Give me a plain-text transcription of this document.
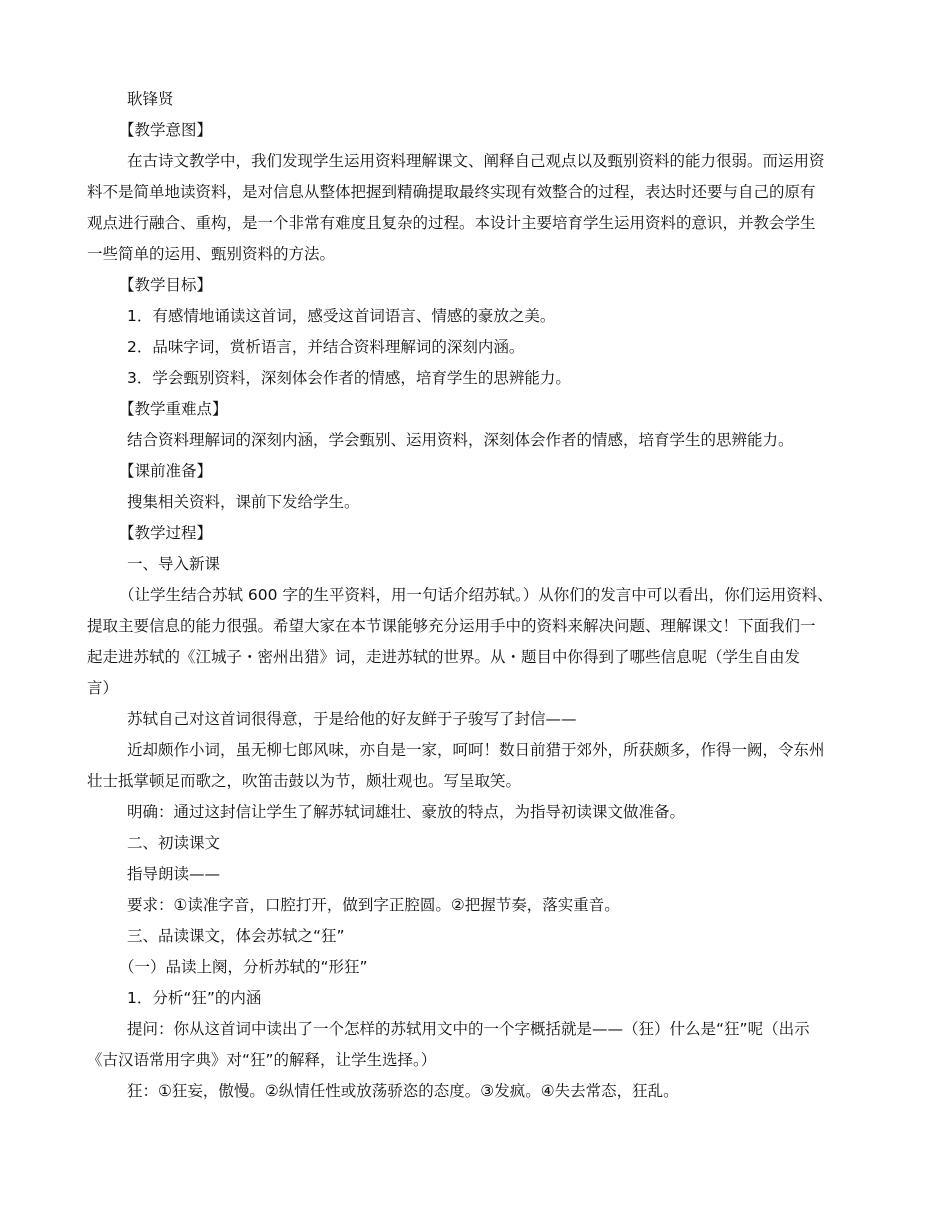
耿锋贤
【教学意图】
在古诗文教学中，我们发现学生运用资料理解课文、阐释自己观点以及甄别资料的能力很弱。而运用资
料不是简单地读资料，是对信息从整体把握到精确提取最终实现有效整合的过程，表达时还要与自己的原有
观点进行融合、重构，是一个非常有难度且复杂的过程。本设计主要培育学生运用资料的意识，并教会学生
一些简单的运用、甄别资料的方法。
【教学目标】
1．有感情地诵读这首词，感受这首词语言、情感的豪放之美。
2．品味字词，赏析语言，并结合资料理解词的深刻内涵。
3．学会甄别资料，深刻体会作者的情感，培育学生的思辨能力。
【教学重难点】
结合资料理解词的深刻内涵，学会甄别、运用资料，深刻体会作者的情感，培育学生的思辨能力。
【课前准备】
搜集相关资料，课前下发给学生。
【教学过程】
一、导入新课
（让学生结合苏轼 600 字的生平资料，用一句话介绍苏轼。）从你们的发言中可以看出，你们运用资料、
提取主要信息的能力很强。希望大家在本节课能够充分运用手中的资料来解决问题、理解课文！下面我们一
起走进苏轼的《江城子・密州出猎》词，走进苏轼的世界。从・题目中你得到了哪些信息呢（学生自由发
言）
苏轼自己对这首词很得意，于是给他的好友鲜于子骏写了封信——
近却颇作小词，虽无柳七郎风味，亦自是一家，呵呵！数日前猎于郊外，所获颇多，作得一阙，令东州
壮士抵掌顿足而歌之，吹笛击鼓以为节，颇壮观也。写呈取笑。
明确：通过这封信让学生了解苏轼词雄壮、豪放的特点，为指导初读课文做准备。
二、初读课文
指导朗读——
要求：①读准字音，口腔打开，做到字正腔圆。②把握节奏，落实重音。
三、品读课文，体会苏轼之“狂”
（一）品读上阕，分析苏轼的“形狂”
1．分析“狂”的内涵
提问：你从这首词中读出了一个怎样的苏轼用文中的一个字概括就是——（狂）什么是“狂”呢（出示
《古汉语常用字典》对“狂”的解释，让学生选择。）
狂：①狂妄，傲慢。②纵情任性或放荡骄恣的态度。③发疯。④失去常态，狂乱。
